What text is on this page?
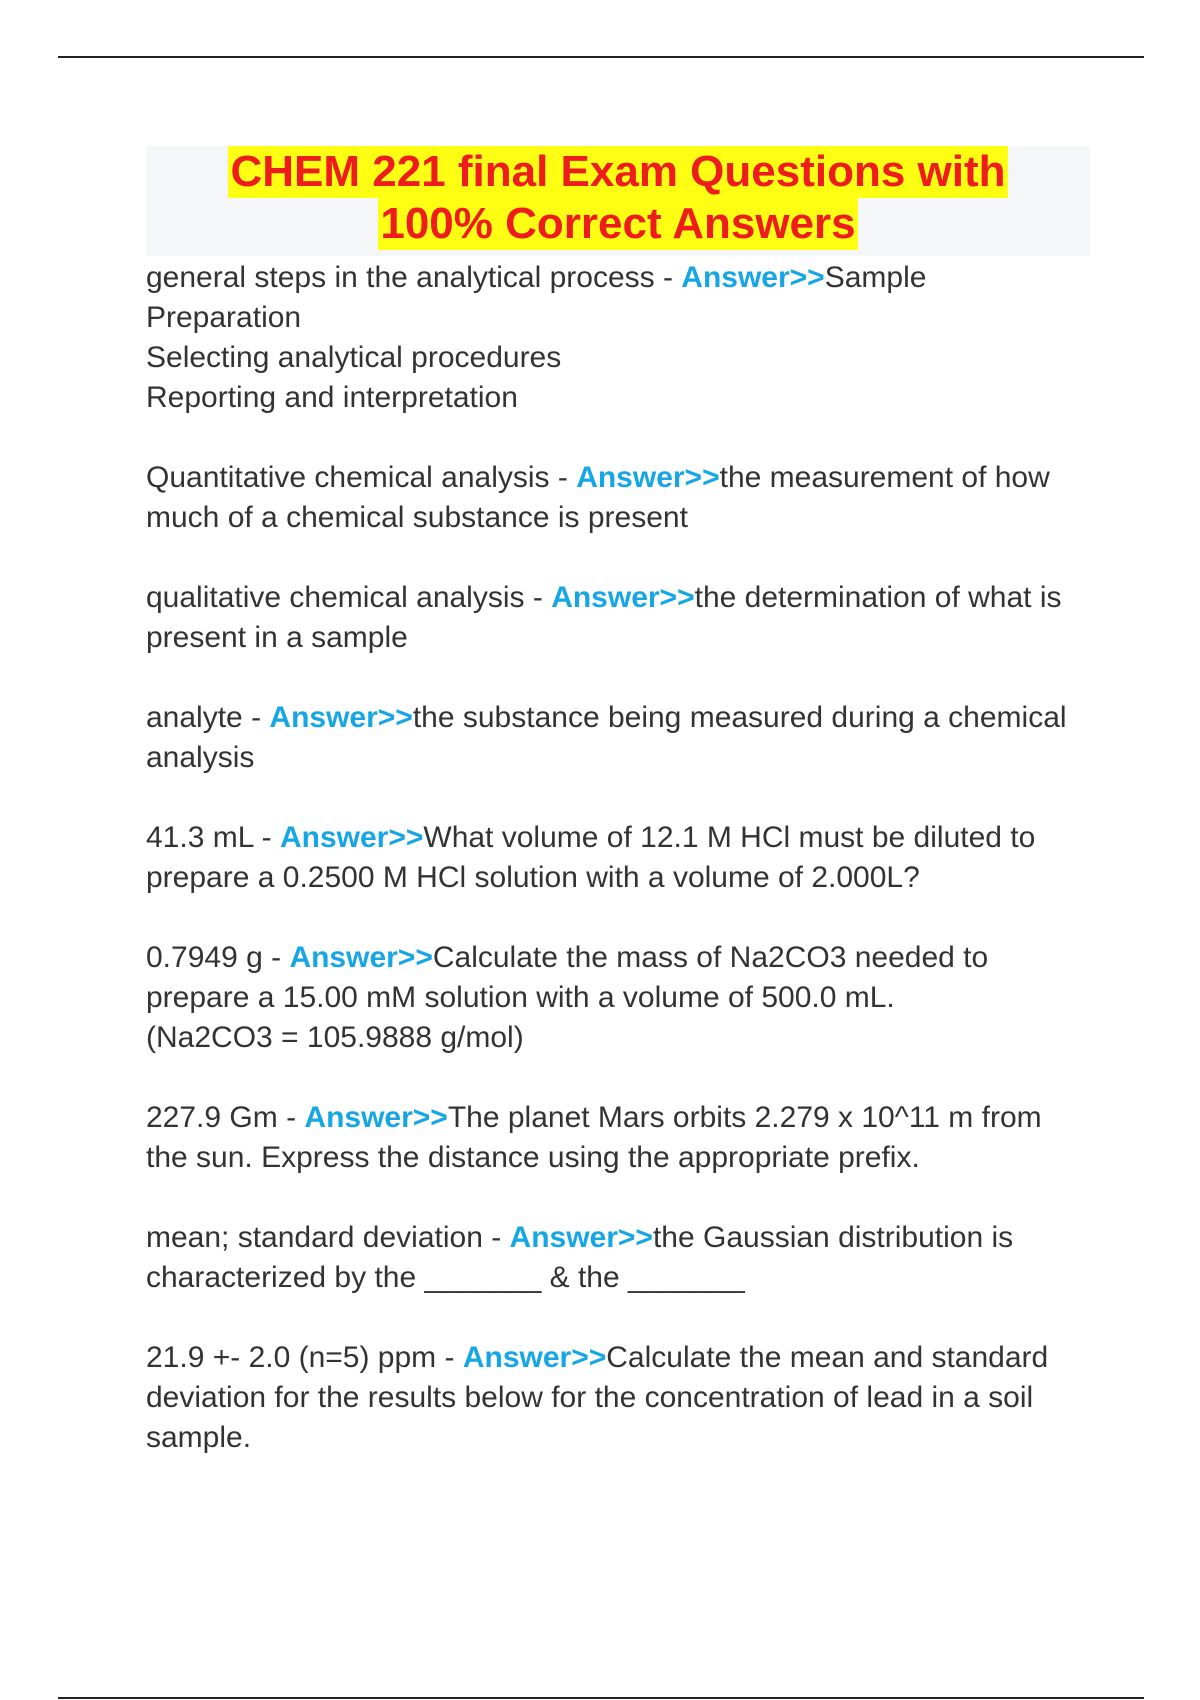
CHEM 221 final Exam Questions with
100% Correct Answers
general steps in the analytical process - Answer>>Sample
Preparation
Selecting analytical procedures
Reporting and interpretation
Quantitative chemical analysis - Answer>>the measurement of how much of a chemical substance is present
qualitative chemical analysis - Answer>>the determination of what is present in a sample
analyte - Answer>>the substance being measured during a chemical analysis
41.3 mL - Answer>>What volume of 12.1 M HCl must be diluted to prepare a 0.2500 M HCl solution with a volume of 2.000L?
0.7949 g - Answer>>Calculate the mass of Na2CO3 needed to prepare a 15.00 mM solution with a volume of 500.0 mL.
(Na2CO3 = 105.9888 g/mol)
227.9 Gm - Answer>>The planet Mars orbits 2.279 x 10^11 m from the sun. Express the distance using the appropriate prefix.
mean; standard deviation - Answer>>the Gaussian distribution is characterized by the _______ & the _______
21.9 +- 2.0 (n=5) ppm - Answer>>Calculate the mean and standard deviation for the results below for the concentration of lead in a soil sample.
